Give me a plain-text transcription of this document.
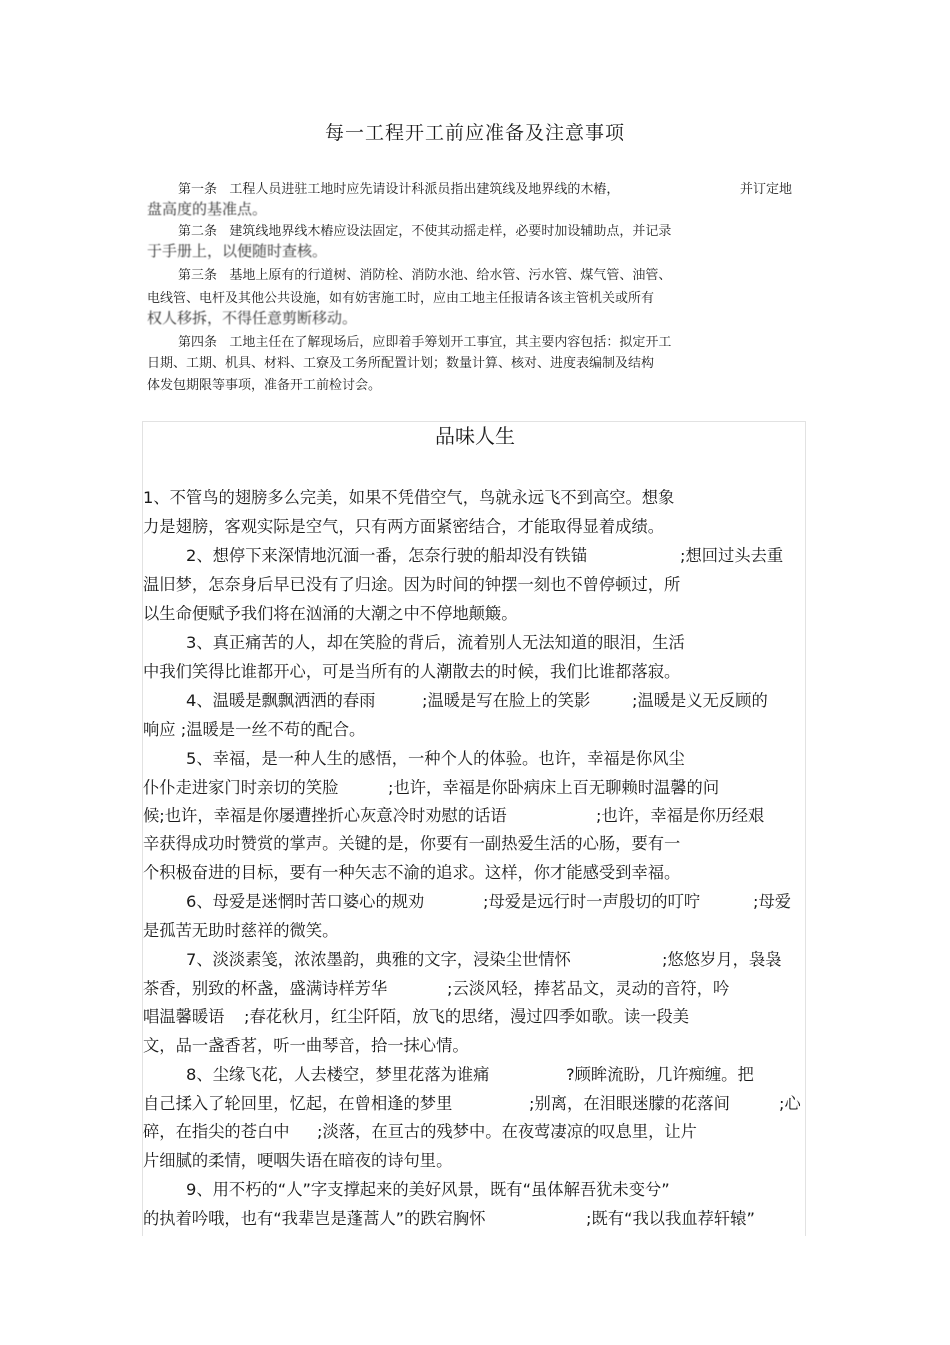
每一工程开工前应准备及注意事项

第一条   工程人员进驻工地时应先请设计科派员指出建筑线及地界线的木樁，	并订定地

盘高度的基准点。

第二条   建筑线地界线木樁应设法固定，不使其动摇走样，必要时加设辅助点，并记录

于手册上，以便随时查核。

第三条   基地上原有的行道树、消防栓、消防水池、给水管、污水管、煤气管、油管、

电线管、电杆及其他公共设施，如有妨害施工时，应由工地主任报请各该主管机关或所有

权人移拆，不得任意剪断移动。

第四条   工地主任在了解现场后，应即着手筹划开工事宜，其主要内容包括：拟定开工

日期、工期、机具、材料、工寮及工务所配置计划；数量计算、核对、进度表编制及结构

体发包期限等事项，准备开工前检讨会。

品味人生

1、不管鸟的翅膀多么完美，如果不凭借空气，鸟就永远飞不到高空。想象

力是翅膀，客观实际是空气，只有两方面紧密结合，才能取得显着成绩。

2、想停下来深情地沉湎一番，怎奈行驶的船却没有铁锚	;想回过头去重

温旧梦，怎奈身后早已没有了归途。因为时间的钟摆一刻也不曾停顿过，所

以生命便赋予我们将在汹涌的大潮之中不停地颠簸。

3、真正痛苦的人，却在笑脸的背后，流着别人无法知道的眼泪，生活

中我们笑得比谁都开心，可是当所有的人潮散去的时候，我们比谁都落寂。

4、温暖是飘飘洒洒的春雨	;温暖是写在脸上的笑影	;温暖是义无反顾的

响应 ;温暖是一丝不苟的配合。

5、幸福，是一种人生的感悟，一种个人的体验。也许，幸福是你风尘

仆仆走进家门时亲切的笑脸	;也许，幸福是你卧病床上百无聊赖时温馨的问

候;也许，幸福是你屡遭挫折心灰意冷时劝慰的话语	;也许，幸福是你历经艰

辛获得成功时赞赏的掌声。关键的是，你要有一副热爱生活的心肠，要有一

个积极奋进的目标，要有一种矢志不渝的追求。这样，你才能感受到幸福。

6、母爱是迷惘时苦口婆心的规劝	;母爱是远行时一声殷切的叮咛	;母爱

是孤苦无助时慈祥的微笑。

7、淡淡素笺，浓浓墨韵，典雅的文字，浸染尘世情怀	;悠悠岁月，袅袅

茶香，别致的杯盏，盛满诗样芳华	;云淡风轻，捧茗品文，灵动的音符，吟

唱温馨暖语 ;春花秋月，红尘阡陌，放飞的思绪，漫过四季如歌。读一段美

文，品一盏香茗，听一曲琴音，拾一抹心情。

8、尘缘飞花，人去楼空，梦里花落为谁痛	?顾眸流盼，几许痴缠。把

自己揉入了轮回里，忆起，在曾相逢的梦里	;别离，在泪眼迷朦的花落间	;心

碎，在指尖的苍白中 ;淡落，在亘古的残梦中。在夜莺凄凉的叹息里，让片

片细腻的柔情，哽咽失语在暗夜的诗句里。

9、用不朽的“人”字支撑起来的美好风景，既有“虽体解吾犹未变兮”

的执着吟哦，也有“我辈岂是蓬蒿人”的跌宕胸怀	;既有“我以我血荐轩辕”
